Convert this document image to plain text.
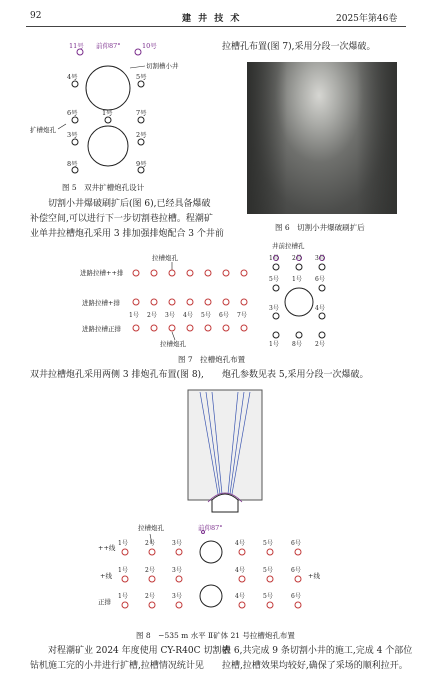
92	建 井 技 术	2025年第46卷
11号 前仰87°	10号
切割槽小井
4号	5号
6号	1号	7号
扩槽炮孔
3号	2号
8号	9号
图 5　双井扩槽炮孔设计
切割小井爆破刷扩后(图 6),已经具备爆破
补偿空间,可以进行下一步切割巷拉槽。程潮矿
业单井拉槽炮孔采用 3 排加强排炮配合 3 个井前
拉槽孔布置(图 7),采用分段一次爆破。
图 6　切割小井爆破刷扩后
拉槽炮孔
井前拉槽孔
进路拉槽++排
进路拉槽+排
进路拉槽正排
拉槽炮孔
1号 2号 3号 4号 5号 6号 7号
1号 2号 3号
5号 1号 6号
3号	4号
1号 8号 2号
图 7　拉槽炮孔布置
双井拉槽炮孔采用两侧 3 排炮孔布置(图 8), 炮孔参数见表 5,采用分段一次爆破。
拉槽炮孔	前仰87°
++线
+线
正排
+线
1号	2号	3号
1号	2号	3号
1号	2号	3号
4号	5号	6号
4号	5号	6号
4号	5号	6号
图 8　−535 m 水平 Ⅱ矿体 21 号拉槽炮孔布置
对程潮矿业 2024 年度使用 CY-R40C 切割槽
钻机施工完的小井进行扩槽,拉槽情况统计见
表 6,共完成 9 条切割小井的施工,完成 4 个部位
拉槽,拉槽效果均较好,确保了采场的顺利拉开。
